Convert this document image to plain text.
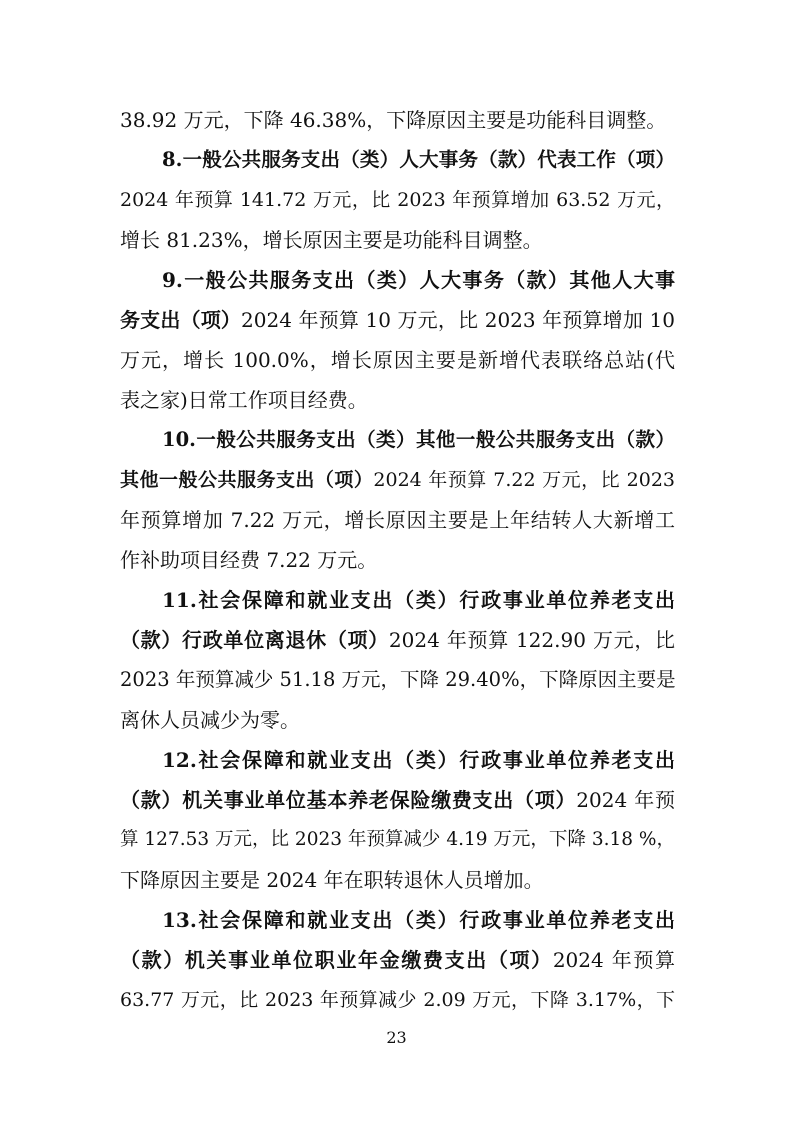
38.92 万元，下降 46.38%，下降原因主要是功能科目调整。
8.一般公共服务支出（类）人大事务（款）代表工作（项）
2024 年预算 141.72 万元，比 2023 年预算增加 63.52 万元，
增长 81.23%，增长原因主要是功能科目调整。
9.一般公共服务支出（类）人大事务（款）其他人大事
务支出（项）2024 年预算 10 万元，比 2023 年预算增加 10
万元，增长 100.0%，增长原因主要是新增代表联络总站(代
表之家)日常工作项目经费。
10.一般公共服务支出（类）其他一般公共服务支出（款）
其他一般公共服务支出（项）2024 年预算 7.22 万元，比 2023
年预算增加 7.22 万元，增长原因主要是上年结转人大新增工
作补助项目经费 7.22 万元。
11.社会保障和就业支出（类）行政事业单位养老支出
（款）行政单位离退休（项）2024 年预算 122.90 万元，比
2023 年预算减少 51.18 万元，下降 29.40%，下降原因主要是
离休人员减少为零。
12.社会保障和就业支出（类）行政事业单位养老支出
（款）机关事业单位基本养老保险缴费支出（项）2024 年预
算 127.53 万元，比 2023 年预算减少 4.19 万元，下降 3.18 %，
下降原因主要是 2024 年在职转退休人员增加。
13.社会保障和就业支出（类）行政事业单位养老支出
（款）机关事业单位职业年金缴费支出（项）2024 年预算
63.77 万元，比 2023 年预算减少 2.09 万元，下降 3.17%，下
23
